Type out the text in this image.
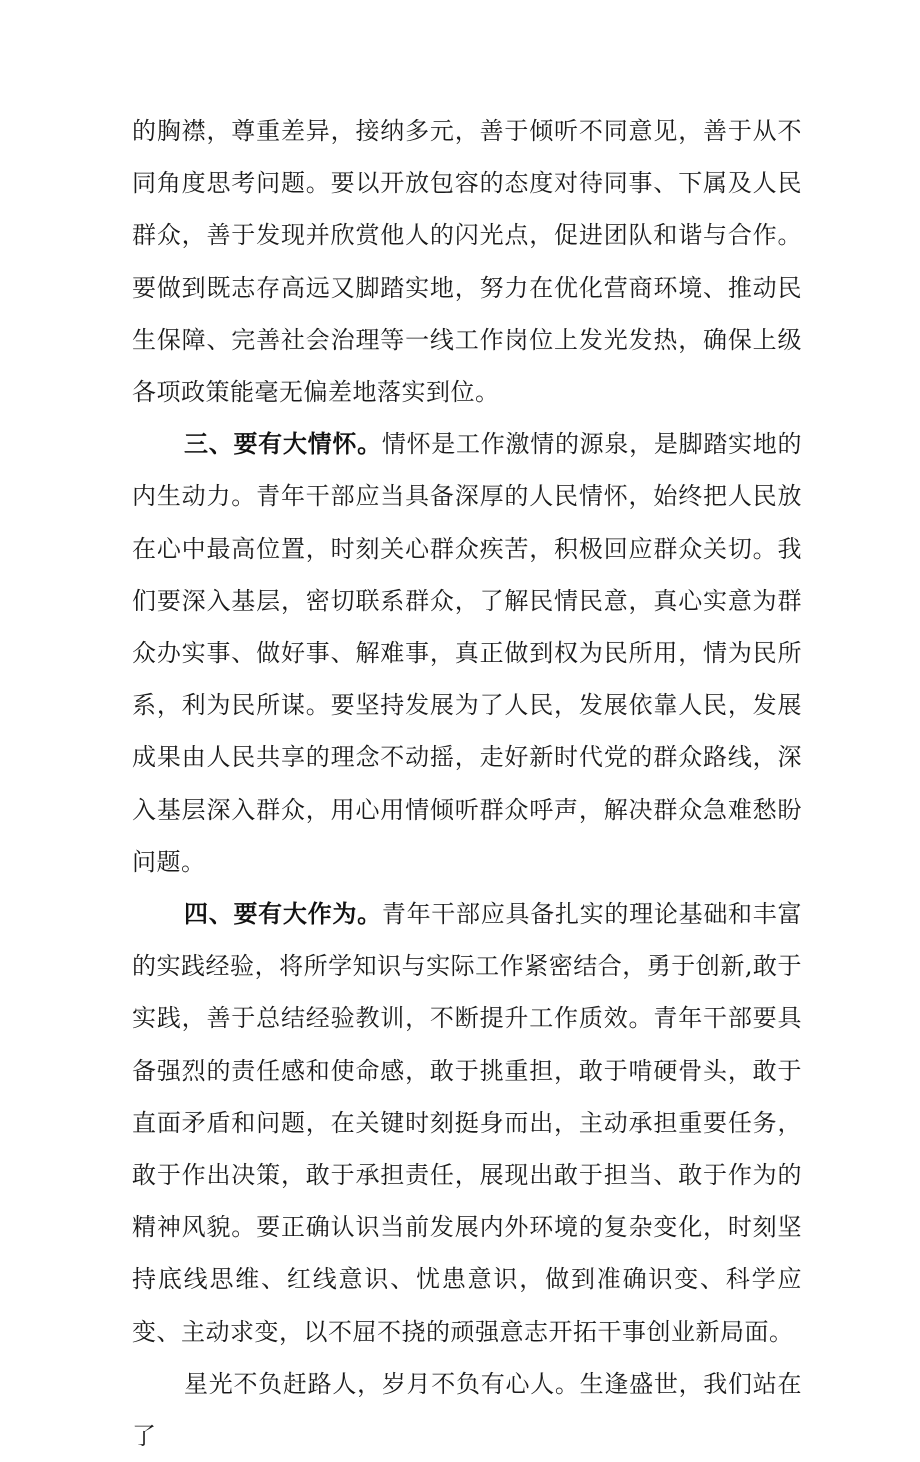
的胸襟，尊重差异，接纳多元，善于倾听不同意见，善于从不同角度思考问题。要以开放包容的态度对待同事、下属及人民群众，善于发现并欣赏他人的闪光点，促进团队和谐与合作。要做到既志存高远又脚踏实地，努力在优化营商环境、推动民生保障、完善社会治理等一线工作岗位上发光发热，确保上级各项政策能毫无偏差地落实到位。

三、要有大情怀。情怀是工作激情的源泉，是脚踏实地的内生动力。青年干部应当具备深厚的人民情怀，始终把人民放在心中最高位置，时刻关心群众疾苦，积极回应群众关切。我们要深入基层，密切联系群众，了解民情民意，真心实意为群众办实事、做好事、解难事，真正做到权为民所用，情为民所系，利为民所谋。要坚持发展为了人民，发展依靠人民，发展成果由人民共享的理念不动摇，走好新时代党的群众路线，深入基层深入群众，用心用情倾听群众呼声，解决群众急难愁盼问题。

四、要有大作为。青年干部应具备扎实的理论基础和丰富的实践经验，将所学知识与实际工作紧密结合，勇于创新,敢于实践，善于总结经验教训，不断提升工作质效。青年干部要具备强烈的责任感和使命感，敢于挑重担，敢于啃硬骨头，敢于直面矛盾和问题，在关键时刻挺身而出，主动承担重要任务，敢于作出决策，敢于承担责任，展现出敢于担当、敢于作为的精神风貌。要正确认识当前发展内外环境的复杂变化，时刻坚持底线思维、红线意识、忧患意识，做到准确识变、科学应变、主动求变，以不屈不挠的顽强意志开拓干事创业新局面。

星光不负赶路人，岁月不负有心人。生逢盛世，我们站在了
